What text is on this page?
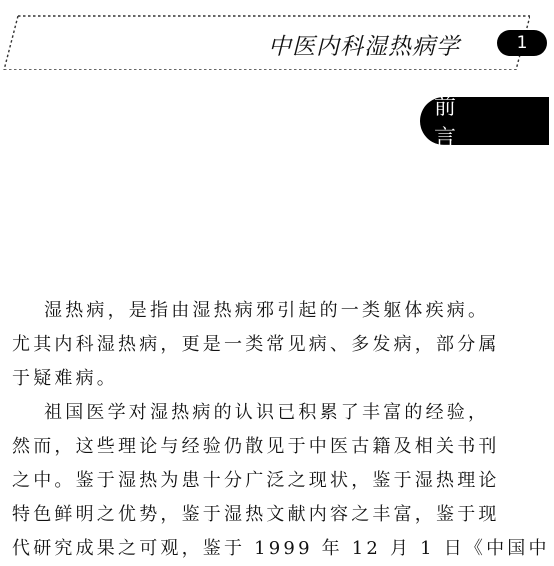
中医内科湿热病学	1
前 言
湿热病，是指由湿热病邪引起的一类躯体疾病。
尤其内科湿热病，更是一类常见病、多发病，部分属
于疑难病。
祖国医学对湿热病的认识已积累了丰富的经验，
然而，这些理论与经验仍散见于中医古籍及相关书刊
之中。鉴于湿热为患十分广泛之现状，鉴于湿热理论
特色鲜明之优势，鉴于湿热文献内容之丰富，鉴于现
代研究成果之可观，鉴于 1999 年 12 月 1 日《中国中
